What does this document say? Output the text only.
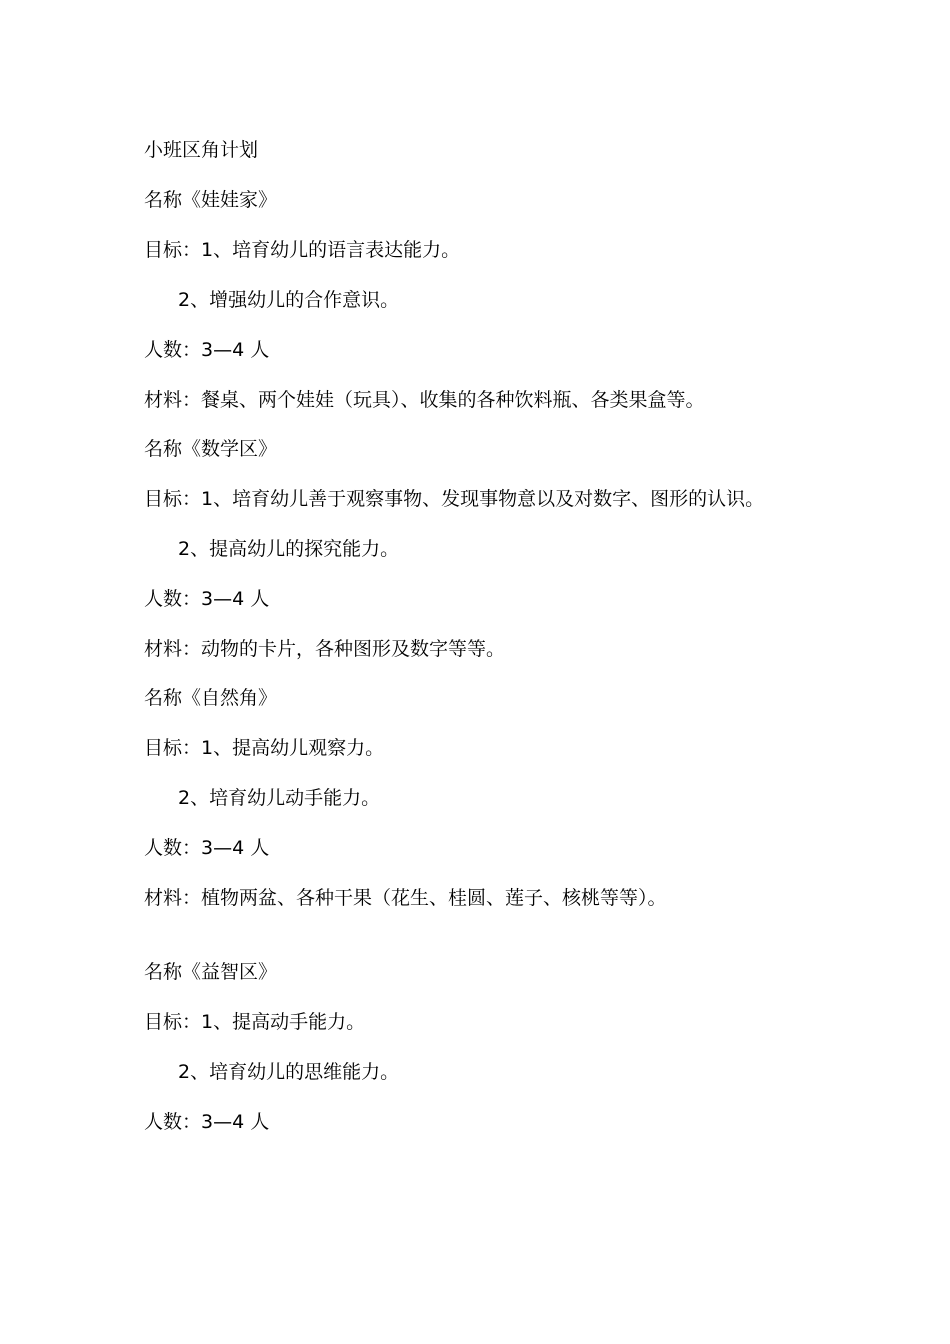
小班区角计划
名称《娃娃家》
目标：1、培育幼儿的语言表达能力。
2、增强幼儿的合作意识。
人数：3—4 人
材料：餐桌、两个娃娃（玩具）、收集的各种饮料瓶、各类果盒等。
名称《数学区》
目标：1、培育幼儿善于观察事物、发现事物意以及对数字、图形的认识。
2、提高幼儿的探究能力。
人数：3—4 人
材料：动物的卡片，各种图形及数字等等。
名称《自然角》
目标：1、提高幼儿观察力。
2、培育幼儿动手能力。
人数：3—4 人
材料：植物两盆、各种干果（花生、桂圆、莲子、核桃等等）。
名称《益智区》
目标：1、提高动手能力。
2、培育幼儿的思维能力。
人数：3—4 人
